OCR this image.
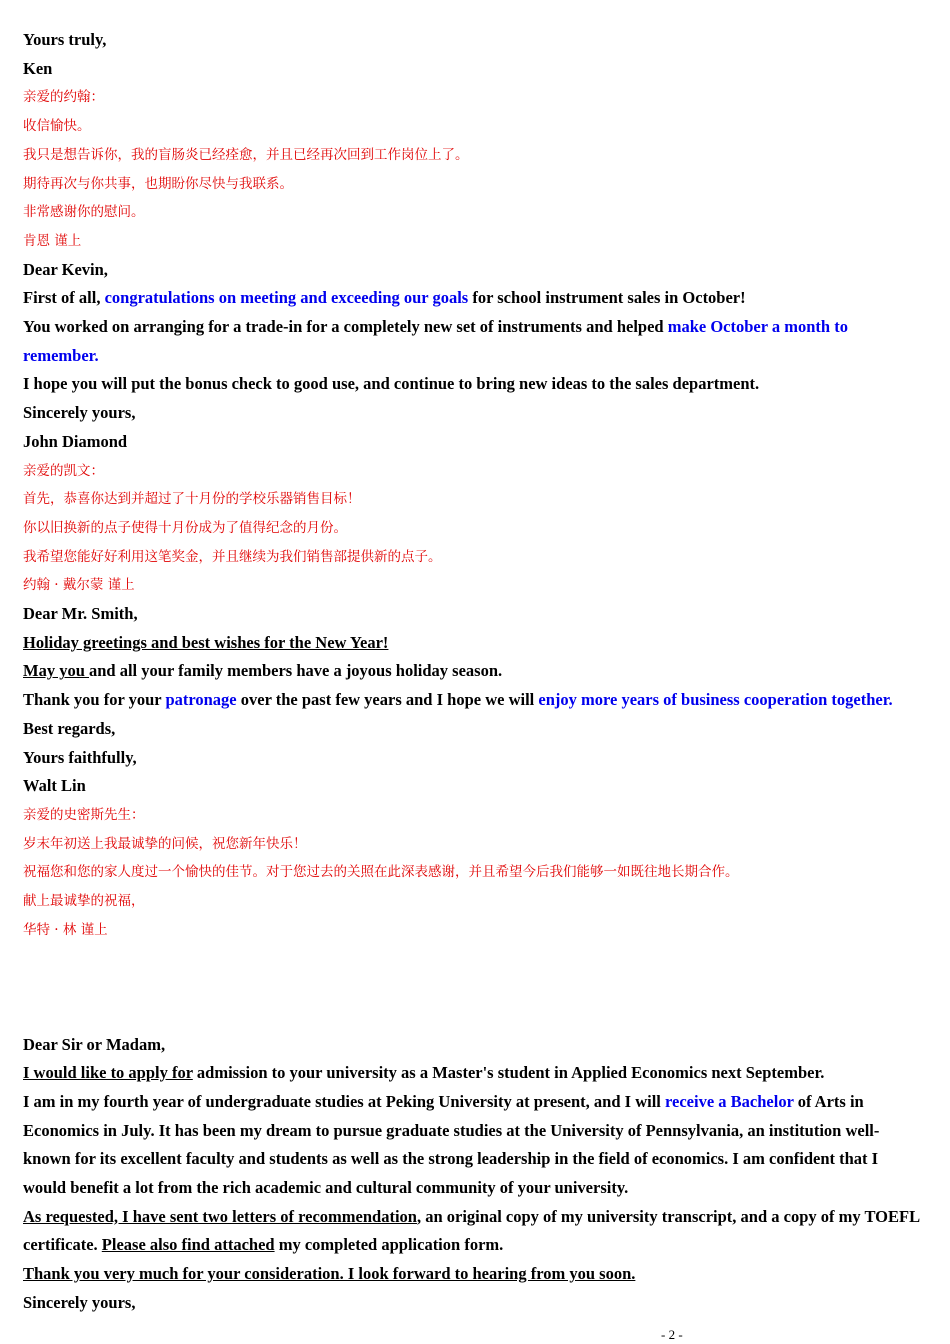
Yours truly,

Ken

亲爱的约翰：

收信愉快。

我只是想告诉你，我的盲肠炎已经痊愈，并且已经再次回到工作岗位上了。

期待再次与你共事，也期盼你尽快与我联系。

非常感谢你的慰问。

肯恩 谨上

Dear Kevin,

First of all, congratulations on meeting and exceeding our goals for school instrument sales in October!

You worked on arranging for a trade-in for a completely new set of instruments and helped make October a month to remember.

I hope you will put the bonus check to good use, and continue to bring new ideas to the sales department.

Sincerely yours,

John Diamond

亲爱的凯文：

首先，恭喜你达到并超过了十月份的学校乐器销售目标！

你以旧换新的点子使得十月份成为了值得纪念的月份。

我希望您能好好利用这笔奖金，并且继续为我们销售部提供新的点子。

约翰 · 戴尔蒙 谨上

Dear Mr. Smith,

Holiday greetings and best wishes for the New Year!

May you and all your family members have a joyous holiday season.

Thank you for your patronage over the past few years and I hope we will enjoy more years of business cooperation together.

Best regards,

Yours faithfully,

Walt Lin

亲爱的史密斯先生：

岁末年初送上我最诚挚的问候，祝您新年快乐！

祝福您和您的家人度过一个愉快的佳节。对于您过去的关照在此深表感谢，并且希望今后我们能够一如既往地长期合作。

献上最诚挚的祝福，

华特 · 林 谨上

Dear Sir or Madam,

I would like to apply for admission to your university as a Master's student in Applied Economics next September.

I am in my fourth year of undergraduate studies at Peking University at present, and I will receive a Bachelor of Arts in Economics in July. It has been my dream to pursue graduate studies at the University of Pennsylvania, an institution well-known for its excellent faculty and students as well as the strong leadership in the field of economics. I am confident that I would benefit a lot from the rich academic and cultural community of your university.

As requested, I have sent two letters of recommendation, an original copy of my university transcript, and a copy of my TOEFL certificate. Please also find attached my completed application form.

Thank you very much for your consideration. I look forward to hearing from you soon.

Sincerely yours,

- 2 -
